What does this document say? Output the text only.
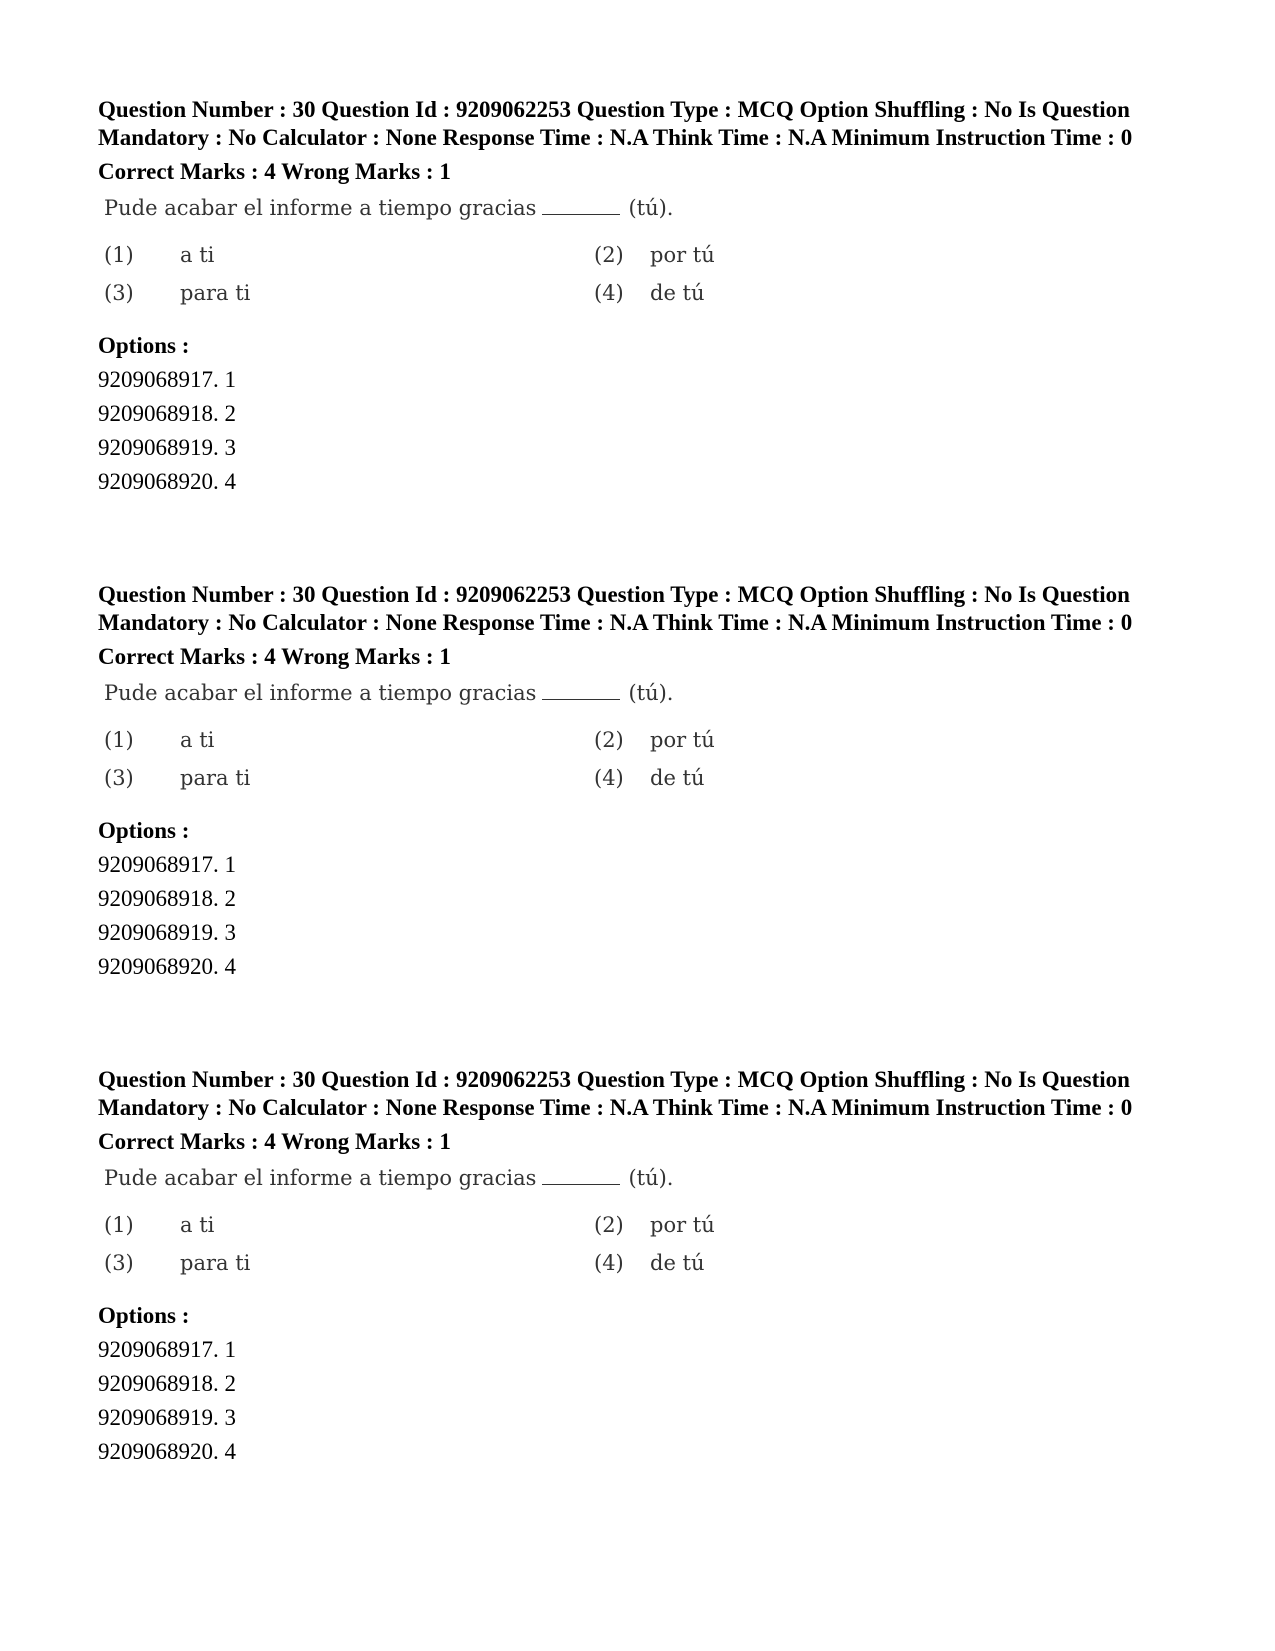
Question Number : 30 Question Id : 9209062253 Question Type : MCQ Option Shuffling : No Is Question Mandatory : No Calculator : None Response Time : N.A Think Time : N.A Minimum Instruction Time : 0

Correct Marks : 4 Wrong Marks : 1
Pude acabar el informe a tiempo gracias	(tú).
(1) a ti	(2) por tú
(3) para ti	(4) de tú
Options :
9209068917. 1
9209068918. 2
9209068919. 3
9209068920. 4

Question Number : 30 Question Id : 9209062253 Question Type : MCQ Option Shuffling : No Is Question Mandatory : No Calculator : None Response Time : N.A Think Time : N.A Minimum Instruction Time : 0

Correct Marks : 4 Wrong Marks : 1
Pude acabar el informe a tiempo gracias	(tú).
(1) a ti	(2) por tú
(3) para ti	(4) de tú
Options :
9209068917. 1
9209068918. 2
9209068919. 3
9209068920. 4

Question Number : 30 Question Id : 9209062253 Question Type : MCQ Option Shuffling : No Is Question Mandatory : No Calculator : None Response Time : N.A Think Time : N.A Minimum Instruction Time : 0

Correct Marks : 4 Wrong Marks : 1
Pude acabar el informe a tiempo gracias	(tú).
(1) a ti	(2) por tú
(3) para ti	(4) de tú
Options :
9209068917. 1
9209068918. 2
9209068919. 3
9209068920. 4
